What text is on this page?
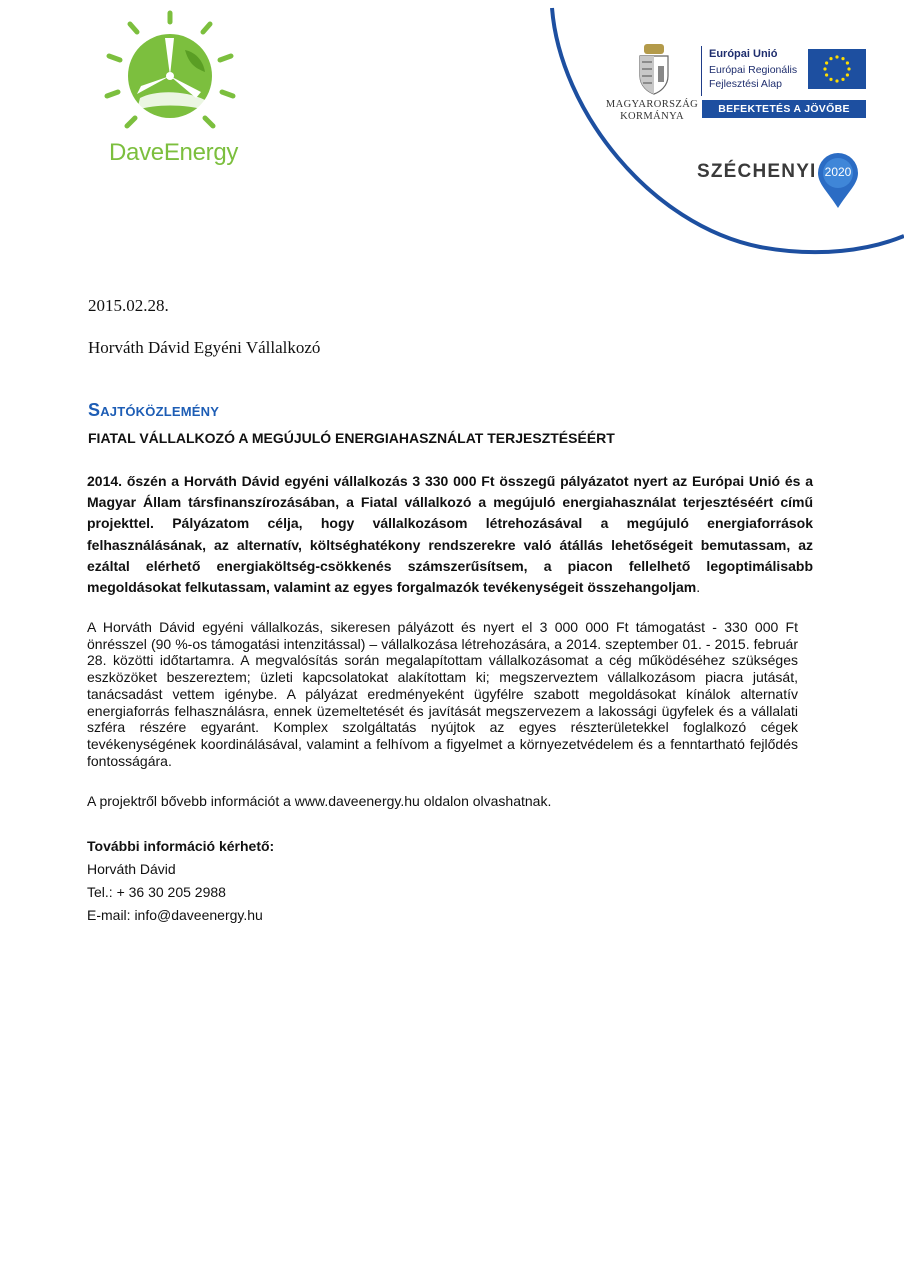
DaveEnergy
MAGYARORSZÁG
KORMÁNYA
Európai Unió
Európai Regionális
Fejlesztési Alap
BEFEKTETÉS A JÖVŐBE
SZÉCHENYI 2020
2015.02.28.
Horváth Dávid Egyéni Vállalkozó
Sajtóközlemény
FIATAL VÁLLALKOZÓ A MEGÚJULÓ ENERGIAHASZNÁLAT TERJESZTÉSÉÉRT
2014. őszén a Horváth Dávid egyéni vállalkozás 3 330 000 Ft összegű pályázatot nyert az Európai Unió és a Magyar Állam társfinanszírozásában, a Fiatal vállalkozó a megújuló energiahasználat terjesztéséért című projekttel. Pályázatom célja, hogy vállalkozásom létrehozásával a megújuló energiaforrások felhasználásának, az alternatív, költséghatékony rendszerekre való átállás lehetőségeit bemutassam, az ezáltal elérhető energiaköltség-csökkenés számszerűsítsem, a piacon fellelhető legoptimálisabb megoldásokat felkutassam, valamint az egyes forgalmazók tevékenységeit összehangoljam.
A Horváth Dávid egyéni vállalkozás, sikeresen pályázott és nyert el 3 000 000 Ft támogatást - 330 000 Ft önrésszel (90 %-os támogatási intenzitással) – vállalkozása létrehozására, a 2014. szeptember 01. - 2015. február 28. közötti időtartamra. A megvalósítás során megalapítottam vállalkozásomat a cég működéséhez szükséges eszközöket beszereztem; üzleti kapcsolatokat alakítottam ki; megszerveztem vállalkozásom piacra jutását, tanácsadást vettem igénybe. A pályázat eredményeként ügyfélre szabott megoldásokat kínálok alternatív energiaforrás felhasználásra, ennek üzemeltetését és javítását megszervezem a lakossági ügyfelek és a vállalati szféra részére egyaránt. Komplex szolgáltatás nyújtok az egyes részterületekkel foglalkozó cégek tevékenységének koordinálásával, valamint a felhívom a figyelmet a környezetvédelem és a fenntartható fejlődés fontosságára.
A projektről bővebb információt a www.daveenergy.hu oldalon olvashatnak.
További információ kérhető:
Horváth Dávid
Tel.: + 36 30 205 2988
E-mail: info@daveenergy.hu
